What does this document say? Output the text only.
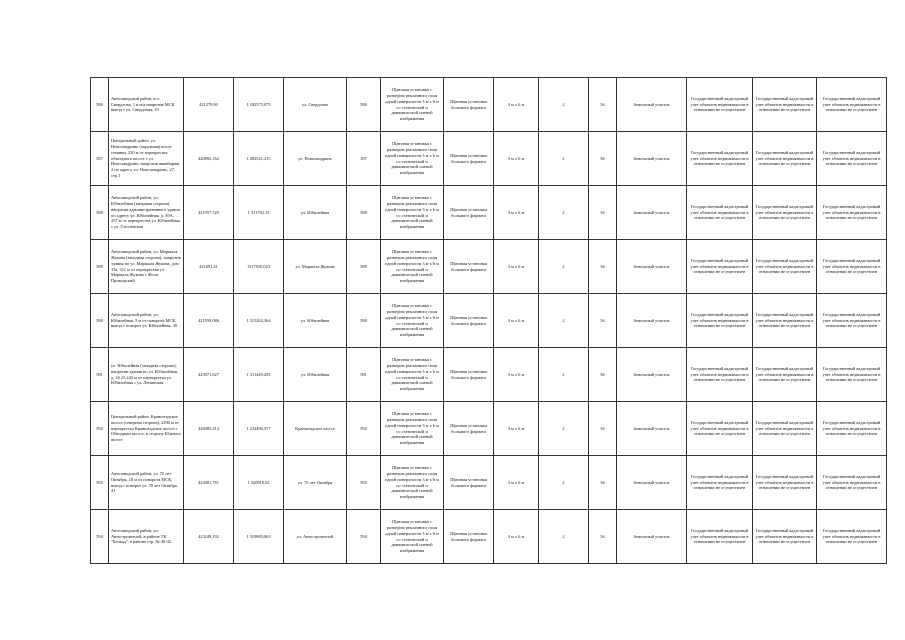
586	Автозаводский район, в.л. Свердлова, 1 в м/а напротив МСК выезд с ул. Свердлова, 10	421279,90	1 182575,075	ул. Свердлова	586	Щитовая установка с размером рекламного поля одной поверхности 3 м х 6 м со статической и динамической сменой изображения	Щитовая установка большого формата	3 м х 6 м	2	36	Земельный участок	Государственный кадастровый учет объектов недвижимости в отношении не осуществлен	Государственный кадастровый учет объектов недвижимости в отношении не осуществлен	Государственный кадастровый учет объектов недвижимости в отношении не осуществлен
587	Центральный район, ул. Новоландрино (окружная) возле стоянки, 230 м от перекрестка объездного шоссе с ул. Новоландрино, напротив авиабиржи 2 по адресу ул. Новоландрино, 27, стр.1	420892,162	1 282521,215	ул. Новоландрино	187	Щитовая установка с размером рекламного поля одной поверхности 3 м х 6 м со статической и динамической сменой изображения	Щитовая установка большого формата	3 м х 6 м	2	36	Земельный участок	Государственный кадастровый учет объектов недвижимости в отношении не осуществлен	Государственный кадастровый учет объектов недвижимости в отношении не осуществлен	Государственный кадастровый учет объектов недвижимости в отношении не осуществлен
588	Автозаводский район, ул. Юбилейная (западная сторона), напротив административного здания по адресу ул. Юбилейная, д. 39А, 257 м от перекрестка ул. Юбилейная с ул. Гоголевская	421957,520	1 311782,13	ул. Юбилейная	588	Щитовая установка с размером рекламного поля одной поверхности 3 м х 6 м со статической и динамической сменой изображения	Щитовая установка большого формата	3 м х 6 м	2	36	Земельный участок	Государственный кадастровый учет объектов недвижимости в отношении не осуществлен	Государственный кадастровый учет объектов недвижимости в отношении не осуществлен	Государственный кадастровый учет объектов недвижимости в отношении не осуществлен
589	Автозаводский район, ул. Маршала Жукова (западная сторона), напротив здания по ул. Маршала Жукова, дом 15а, 311 м от перекрестка ул. Маршала Жукова с Фоли Приморский	421691,41	1317920,023	ул. Маршала Жукова	589	Щитовая установка с размером рекламного поля одной поверхности 3 м х 6 м со статической и динамической сменой изображения	Щитовая установка большого формата	3 м х 6 м	2	36	Земельный участок	Государственный кадастровый учет объектов недвижимости в отношении не осуществлен	Государственный кадастровый учет объектов недвижимости в отношении не осуществлен	Государственный кадастровый учет объектов недвижимости в отношении не осуществлен
590	Автозаводский район, ул. Юбилейная, 5 м от поворота МСК, выезд с поворот ул. Юбилейная, 49	421959,086	1 315262,364	ул. Юбилейная	590	Щитовая установка с размером рекламного поля одной поверхности 3 м х 6 м со статической и динамической сменой изображения	Щитовая установка большого формата	3 м х 6 м	2	36	Земельный участок	Государственный кадастровый учет объектов недвижимости в отношении не осуществлен	Государственный кадастровый учет объектов недвижимости в отношении не осуществлен	Государственный кадастровый учет объектов недвижимости в отношении не осуществлен
591	ул. Юбилейная (западная сторона), напротив здания по ул. Юбилейная, д. 26 25,443 м от перекрестка ул. Юбилейная с ул. Ленинская	423971,627	1 311449,455	ул. Юбилейная	591	Щитовая установка с размером рекламного поля одной поверхности 3 м х 6 м со статической и динамической сменой изображения	Щитовая установка большого формата	3 м х 6 м	2	36	Земельный участок	Государственный кадастровый учет объектов недвижимости в отношении не осуществлен	Государственный кадастровый учет объектов недвижимости в отношении не осуществлен	Государственный кадастровый учет объектов недвижимости в отношении не осуществлен
592	Центральный район, Кранштадское шоссе (северная сторона), 2290 м от перекрестка Кранштадское шоссе с Обводным шоссе, в сторону Южного шоссе	426085,414	1 232496,557	Кранштадское шоссе	592	Щитовая установка с размером рекламного поля одной поверхности 3 м х 6 м со статической и динамической сменой изображения	Щитовая установка большого формата	3 м х 6 м	2	36	Земельный участок	Государственный кадастровый учет объектов недвижимости в отношении не осуществлен	Государственный кадастровый учет объектов недвижимости в отношении не осуществлен	Государственный кадастровый учет объектов недвижимости в отношении не осуществлен
593	Автозаводский район, ул. 70 лет Октября, 18 м от поворота МСК, выезд с поворот ул. 70 лет Октября, 41	423081,781	1 320918,02	ул. 70 лет Октября	593	Щитовая установка с размером рекламного поля одной поверхности 3 м х 6 м со статической и динамической сменой изображения	Щитовая установка большого формата	3 м х 6 м	2	36	Земельный участок	Государственный кадастровый учет объектов недвижимости в отношении не осуществлен	Государственный кадастровый учет объектов недвижимости в отношении не осуществлен	Государственный кадастровый учет объектов недвижимости в отношении не осуществлен
594	Автозаводский район, ул. Автостроителей, в районе ТК "Блокад", в районе стр. № 40-42	423249,192	1 319883,063	ул. Автостроителей	594	Щитовая установка с размером рекламного поля одной поверхности 3 м х 6 м со статической и динамической сменой изображения	Щитовая установка большого формата	3 м х 6 м	2	36	Земельный участок	Государственный кадастровый учет объектов недвижимости в отношении не осуществлен	Государственный кадастровый учет объектов недвижимости в отношении не осуществлен	Государственный кадастровый учет объектов недвижимости в отношении не осуществлен
